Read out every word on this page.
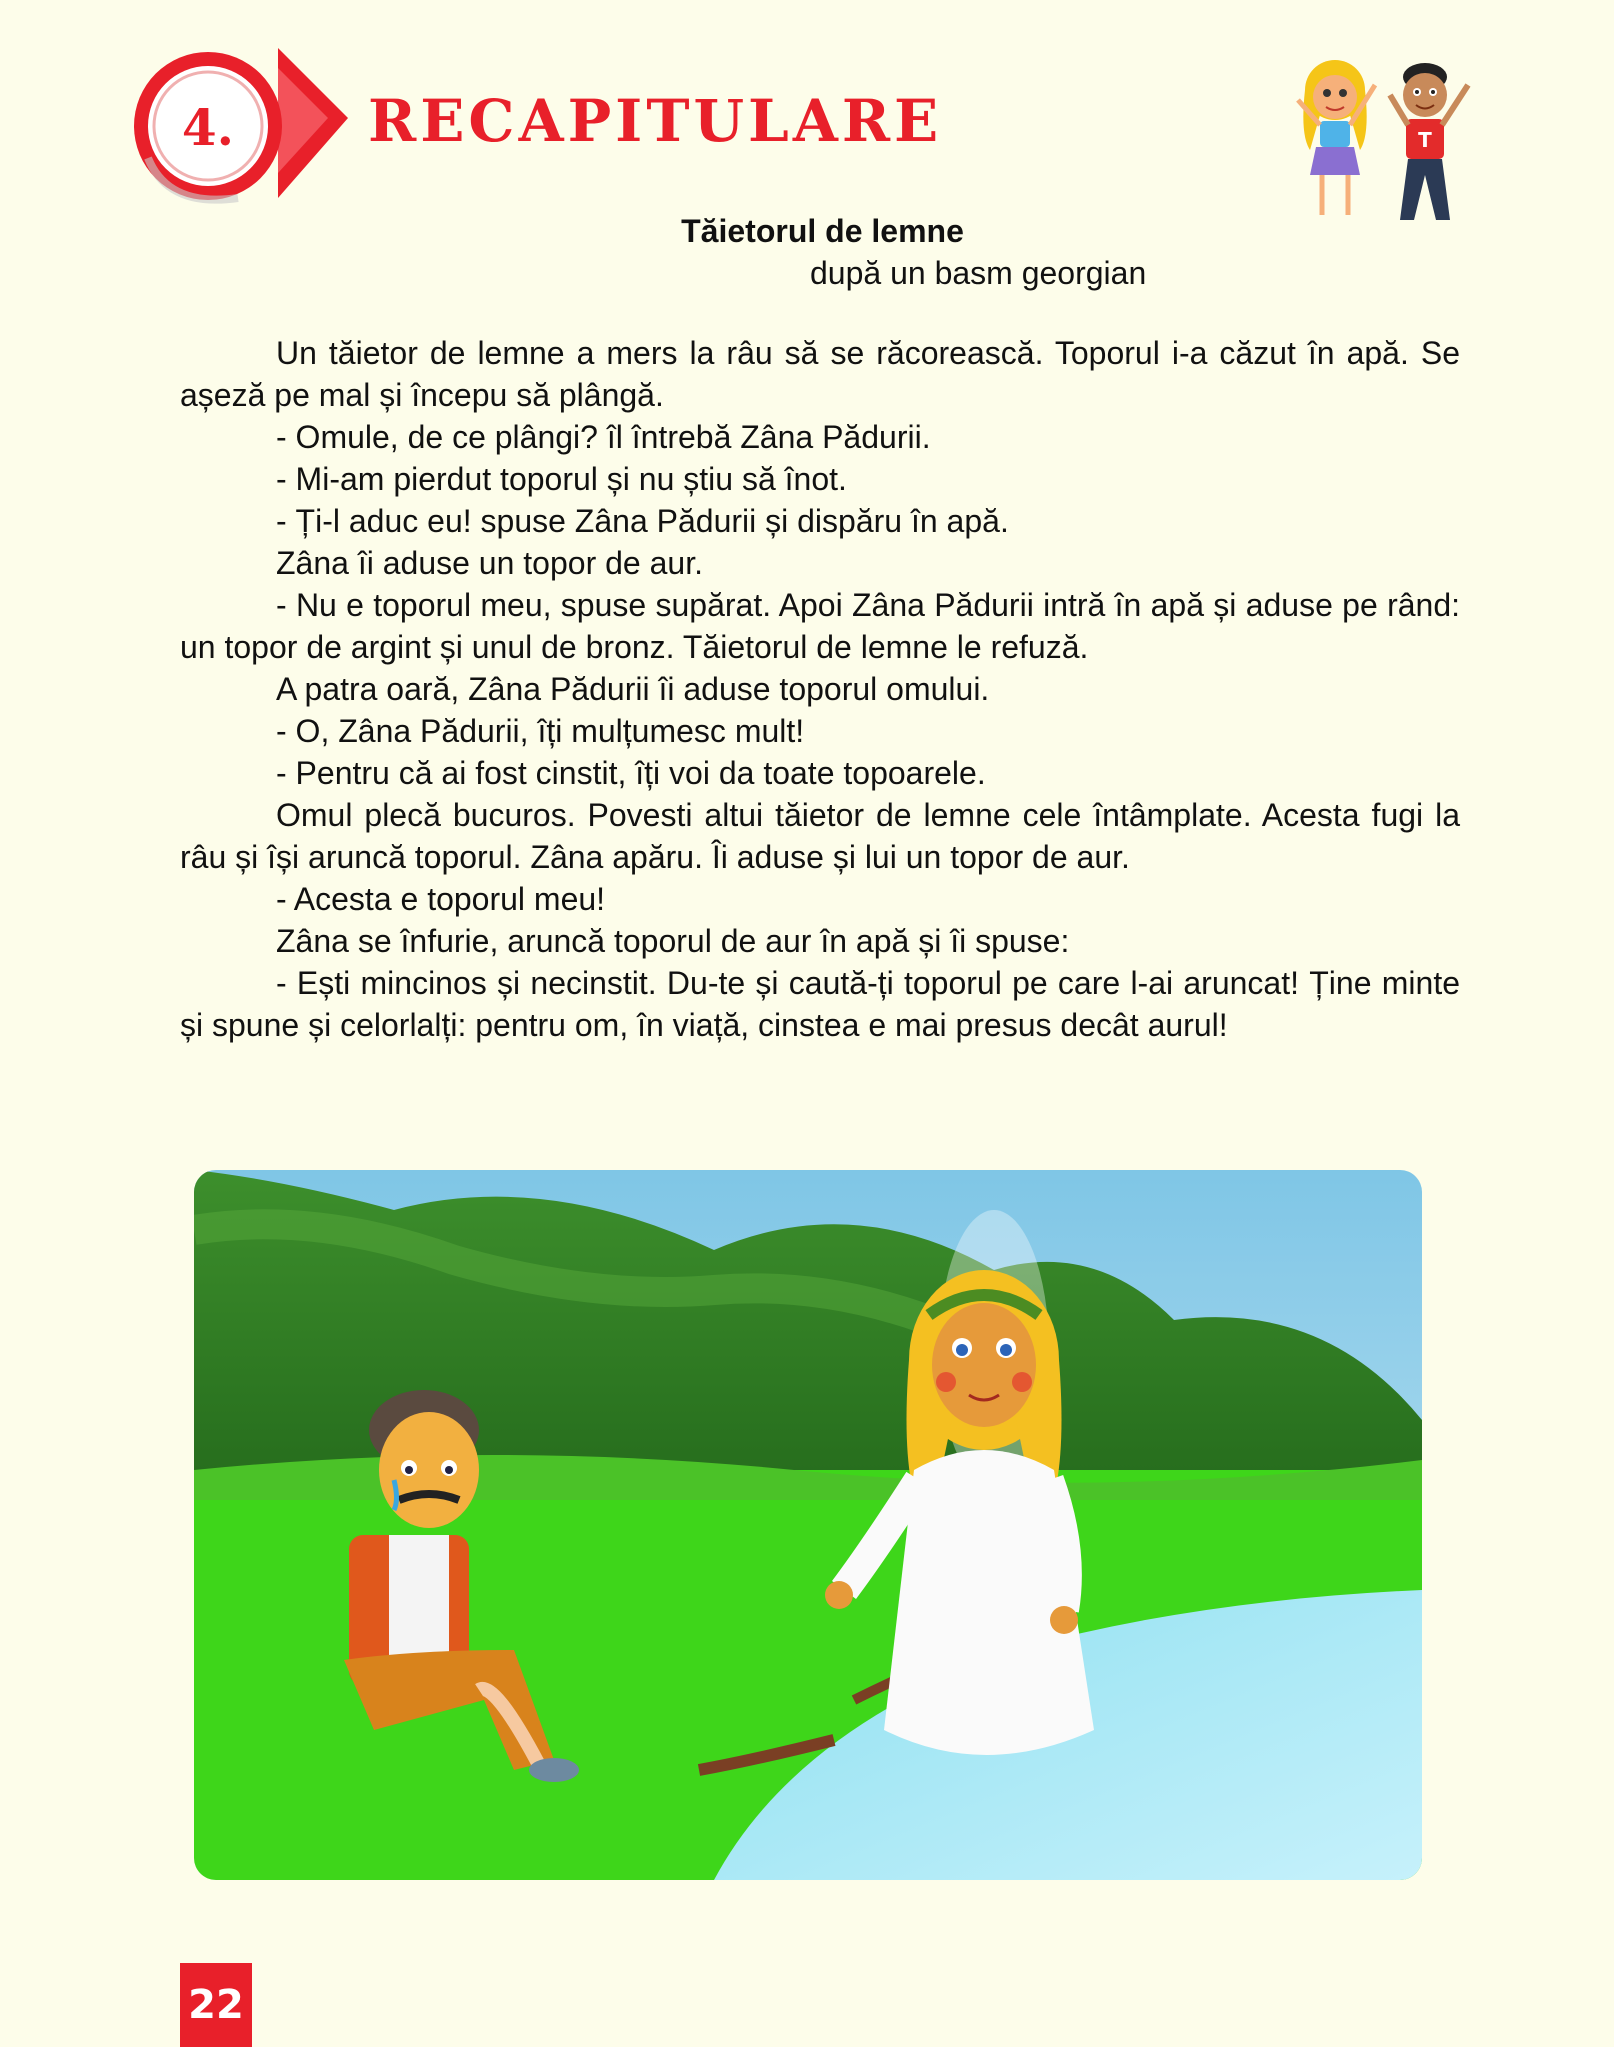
4. RECAPITULARE	T
Tăietorul de lemne
după un basm georgian

Un tăietor de lemne a mers la râu să se răcorească. Toporul i-a căzut în apă. Se așeză pe mal și începu să plângă.

- Omule, de ce plângi? îl întrebă Zâna Pădurii.

- Mi-am pierdut toporul și nu știu să înot.

- Ți-l aduc eu! spuse Zâna Pădurii și dispăru în apă.

Zâna îi aduse un topor de aur.

- Nu e toporul meu, spuse supărat. Apoi Zâna Pădurii intră în apă și aduse pe rând: un topor de argint și unul de bronz. Tăietorul de lemne le refuză.

A patra oară, Zâna Pădurii îi aduse toporul omului.

- O, Zâna Pădurii, îți mulțumesc mult!

- Pentru că ai fost cinstit, îți voi da toate topoarele.

Omul plecă bucuros. Povesti altui tăietor de lemne cele întâmplate. Acesta fugi la râu și își aruncă toporul. Zâna apăru. Îi aduse și lui un topor de aur.

- Acesta e toporul meu!

Zâna se înfurie, aruncă toporul de aur în apă și îi spuse:

- Ești mincinos și necinstit. Du-te și caută-ți toporul pe care l-ai aruncat! Ține minte și spune și celorlalți: pentru om, în viață, cinstea e mai presus decât aurul!

22
